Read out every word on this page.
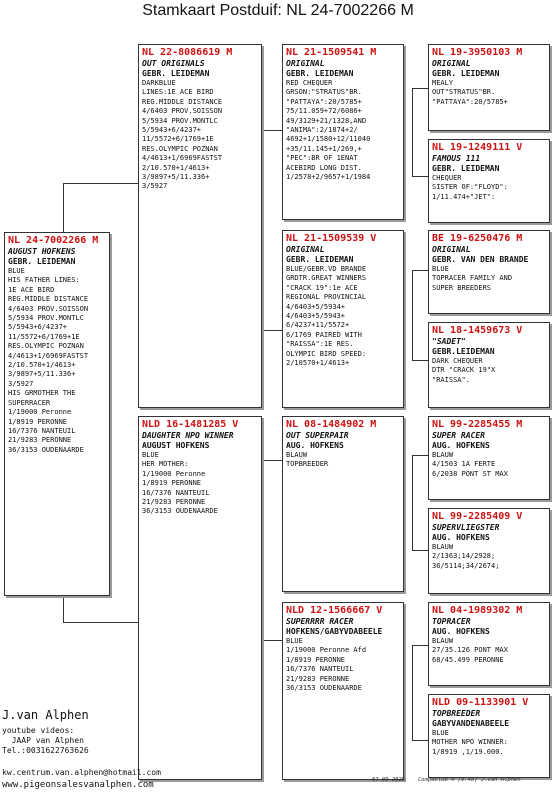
Stamkaart Postduif: NL 24-7002266 M
NL 24-7002266 M
AUGUST HOFKENS
GEBR. LEIDEMAN
BLUE
HIS FATHER LINES:
1E ACE BIRD
REG.MIDDLE DISTANCE
4/6403 PROV.SOISSON
5/5934 PROV.MONTLC
5/5943+6/4237+
11/5572+6/1769+1E
RES.OLYMPIC POZNAN
4/4613+1/6969FASTST
2/10.570+1/4613+
3/9897+5/11.336+
3/5927
HIS GRMOTHER THE
SUPERRACER
1/19000 Peronne
1/8919 PERONNE
16/7376 NANTEUIL
21/9283 PERONNE
36/3153 OUDENAARDE
NL 22-8086619 M
OUT ORIGINALS
GEBR. LEIDEMAN
DARKBLUE
LINES:1E ACE BIRD
REG.MIDDLE DISTANCE
4/6403 PROV.SOISSON
5/5934 PROV.MONTLC
5/5943+6/4237+
11/5572+6/1769+1E
RES.OLYMPIC POZNAN
4/4613+1/6969FASTST
2/10.570+1/4613+
3/9897+5/11.336+
3/5927
NLD 16-1481285 V
DAUGHTER NPO WINNER
AUGUST HOFKENS
BLUE
HER MOTHER:
1/19000 Peronne
1/8919 PERONNE
16/7376 NANTEUIL
21/9283 PERONNE
36/3153 OUDENAARDE
NL 21-1509541 M
ORIGINAL
GEBR. LEIDEMAN
RED CHEQUER
GRSON:"STRATUS"BR.
"PATTAYA":20/5785+
75/11.059+72/6086+
49/3129+21/1328,AND
"ANIMA":2/1874+2/
4692+1/1580+12/11040
+35/11.145+1/269,+
"PEC":BR OF 1ENAT
ACEBIRD LONG DIST.
1/2578+2/9657+1/1984
NL 21-1509539 V
ORIGINAL
GEBR. LEIDEMAN
BLUE/GEBR.VD BRANDE
GRDTR.GREAT WINNERS
"CRACK 19":1e ACE
REGIONAL PROVINCIAL
4/6403+5/5934+
4/6403+5/5943+
6/4237+11/5572+
6/1769 PAIRED WITH
"RAISSA":1E RES.
OLYMPIC BIRD SPEED:
2/10570+1/4613+
NL 08-1484902 M
OUT SUPERPAIR
AUG. HOFKENS
BLAUW
TOPBREEDER
NLD 12-1566667 V
SUPERRRR RACER
HOFKENS/GABYVDABEELE
BLUE
1/19000 Peronne Afd
1/8919 PERONNE
16/7376 NANTEUIL
21/9283 PERONNE
36/3153 OUDENAARDE
NL 19-3950103 M
ORIGINAL
GEBR. LEIDEMAN
MEALY
OUT"STRATUS"BR.
"PATTAYA":20/5785+
NL 19-1249111 V
FAMOUS 111
GEBR. LEIDEMAN
CHEQUER
SISTER OF:"FLOYD":
1/11.474+"JET":
BE 19-6250476 M
ORIGINAL
GEBR. VAN DEN BRANDE
BLUE
TOPRACER FAMILY AND
SUPER BREEDERS
NL 18-1459673 V
"SADET"
GEBR.LEIDEMAN
DARK CHEQUER
DTR "CRACK 19"X
"RAISSA".
NL 99-2285455 M
SUPER RACER
AUG. HOFKENS
BLAUW
4/1503 1A FERTE
6/2038 PONT ST MAX
NL 99-2285409 V
SUPERVLIEGSTER
AUG. HOFKENS
BLAUW
2/1363;14/2928;
36/5114;34/2674;
NL 04-1989302 M
TOPRACER
AUG. HOFKENS
BLAUW
27/35.126 PONT MAX
68/45.499 PERONNE
NLD 09-1133901 V
TOPBREEDER
GABYVANDENABEELE
BLUE
MOTHER NPO WINNER:
1/8919 ,1/19.000.
J.van Alphen
youtube videos:
JAAP van Alphen
Tel.:0031622763626
kw.centrum.van.alphen@hotmail.com
www.pigeonsalesvanalphen.com	07-09-2025 Compuclub ® [9.48] J.van Alphen
